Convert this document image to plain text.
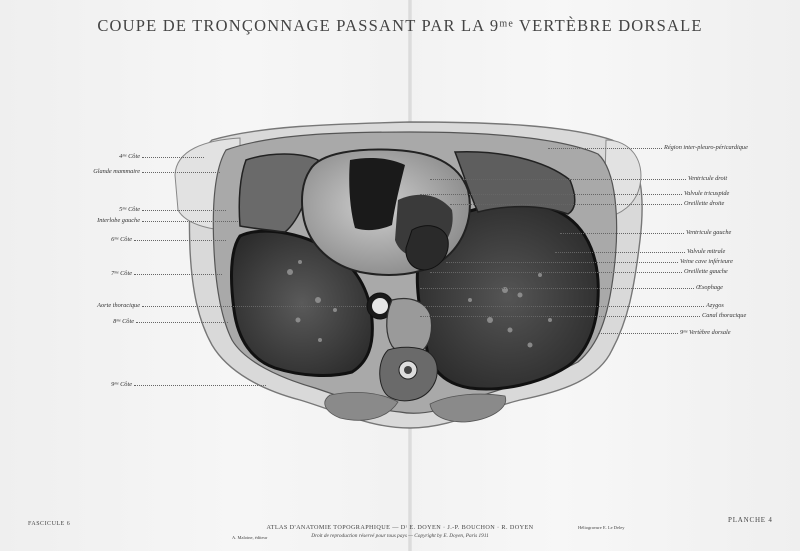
COUPE DE TRONÇONNAGE PASSANT PAR LA 9ᵐᵉ VERTÈBRE DORSALE
4ᵐᵉ Côte
Glande mammaire
5ᵐᵉ Côte
Interlobe gauche
6ᵐᵉ Côte
7ᵐᵉ Côte
Aorte thoracique
8ᵐᵉ Côte
9ᵐᵉ Côte
Région inter-pleuro-péricardique
Ventricule droit
Valvule tricuspide
Oreillette droite
Ventricule gauche
Valvule mitrale
Veine cave inférieure
Oreillette gauche
Œsophage
Azygos
Canal thoracique
9ᵐᵉ Vertèbre dorsale
FASCICULE 6	PLANCHE 4
ATLAS D'ANATOMIE TOPOGRAPHIQUE — Dʳ E. DOYEN · J.-P. BOUCHON · R. DOYEN
Droit de reproduction réservé pour tous pays — Copyright by E. Doyen, Paris 1911
A. Maloine, éditeur
Héliogravure E. Le Deley
